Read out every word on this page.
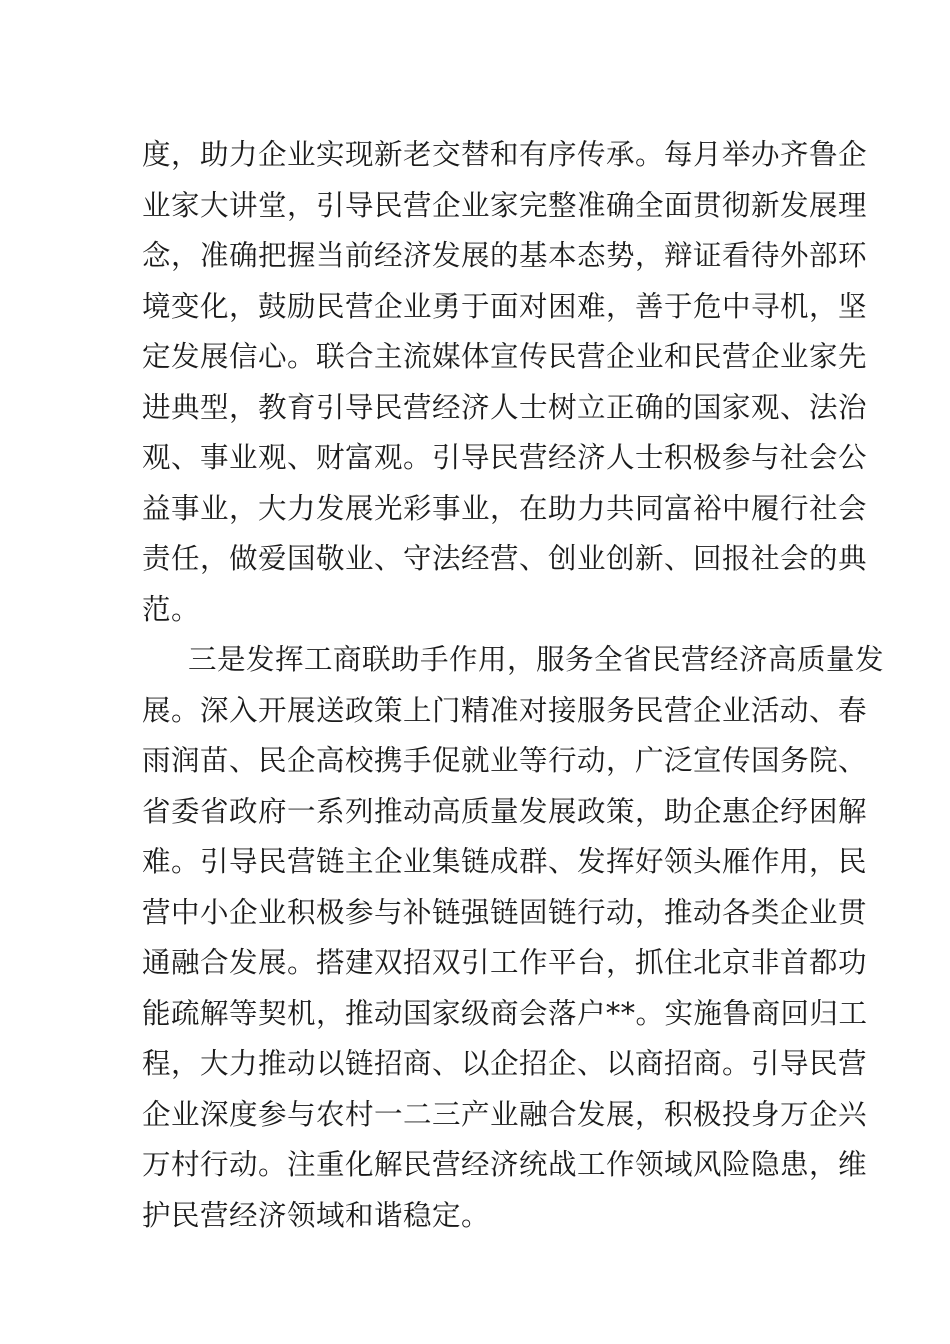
度，助力企业实现新老交替和有序传承。每月举办齐鲁企
业家大讲堂，引导民营企业家完整准确全面贯彻新发展理
念，准确把握当前经济发展的基本态势，辩证看待外部环
境变化，鼓励民营企业勇于面对困难，善于危中寻机，坚
定发展信心。联合主流媒体宣传民营企业和民营企业家先
进典型，教育引导民营经济人士树立正确的国家观、法治
观、事业观、财富观。引导民营经济人士积极参与社会公
益事业，大力发展光彩事业，在助力共同富裕中履行社会
责任，做爱国敬业、守法经营、创业创新、回报社会的典
范。
三是发挥工商联助手作用，服务全省民营经济高质量发
展。深入开展送政策上门精准对接服务民营企业活动、春
雨润苗、民企高校携手促就业等行动，广泛宣传国务院、
省委省政府一系列推动高质量发展政策，助企惠企纾困解
难。引导民营链主企业集链成群、发挥好领头雁作用，民
营中小企业积极参与补链强链固链行动，推动各类企业贯
通融合发展。搭建双招双引工作平台，抓住北京非首都功
能疏解等契机，推动国家级商会落户**。实施鲁商回归工
程，大力推动以链招商、以企招企、以商招商。引导民营
企业深度参与农村一二三产业融合发展，积极投身万企兴
万村行动。注重化解民营经济统战工作领域风险隐患，维
护民营经济领域和谐稳定。
